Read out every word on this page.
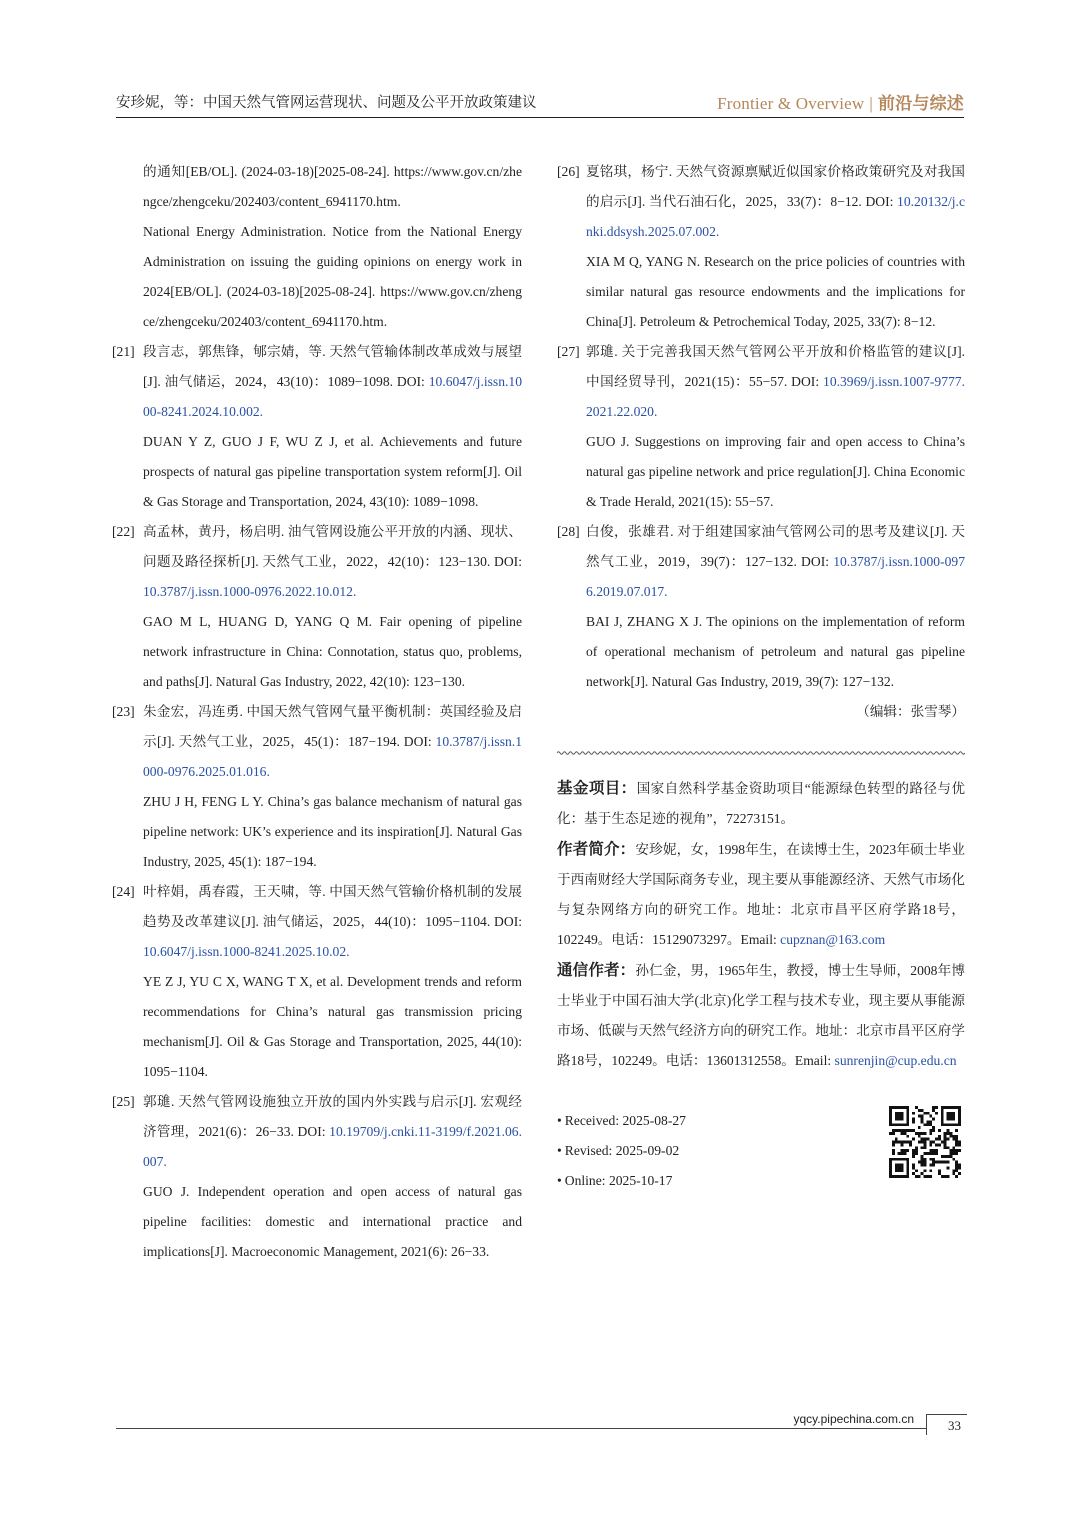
安珍妮，等：中国天然气管网运营现状、问题及公平开放政策建议	Frontier & Overview | 前沿与综述
的通知[EB/OL]. (2024-03-18)[2025-08-24]. https://www.gov.cn/zhengce/zhengceku/202403/content_6941170.htm.
National Energy Administration. Notice from the National Energy Administration on issuing the guiding opinions on energy work in 2024[EB/OL]. (2024-03-18)[2025-08-24]. https://www.gov.cn/zhengce/zhengceku/202403/content_6941170.htm.
[21] 段言志，郭焦锋，郇宗婧，等. 天然气管输体制改革成效与展望[J]. 油气储运，2024，43(10)：1089−1098. DOI: 10.6047/j.issn.1000-8241.2024.10.002.
DUAN Y Z, GUO J F, WU Z J, et al. Achievements and future prospects of natural gas pipeline transportation system reform[J]. Oil & Gas Storage and Transportation, 2024, 43(10): 1089−1098.
[22] 高孟林，黄丹，杨启明. 油气管网设施公平开放的内涵、现状、问题及路径探析[J]. 天然气工业，2022，42(10)：123−130. DOI: 10.3787/j.issn.1000-0976.2022.10.012.
GAO M L, HUANG D, YANG Q M. Fair opening of pipeline network infrastructure in China: Connotation, status quo, problems, and paths[J]. Natural Gas Industry, 2022, 42(10): 123−130.
[23] 朱金宏，冯连勇. 中国天然气管网气量平衡机制：英国经验及启示[J]. 天然气工业，2025，45(1)：187−194. DOI: 10.3787/j.issn.1000-0976.2025.01.016.
ZHU J H, FENG L Y. China’s gas balance mechanism of natural gas pipeline network: UK’s experience and its inspiration[J]. Natural Gas Industry, 2025, 45(1): 187−194.
[24] 叶梓娟，禹春霞，王天啸，等. 中国天然气管输价格机制的发展趋势及改革建议[J]. 油气储运，2025，44(10)：1095−1104. DOI: 10.6047/j.issn.1000-8241.2025.10.02.
YE Z J, YU C X, WANG T X, et al. Development trends and reform recommendations for China’s natural gas transmission pricing mechanism[J]. Oil & Gas Storage and Transportation, 2025, 44(10): 1095−1104.
[25] 郭璡. 天然气管网设施独立开放的国内外实践与启示[J]. 宏观经济管理，2021(6)：26−33. DOI: 10.19709/j.cnki.11-3199/f.2021.06.007.
GUO J. Independent operation and open access of natural gas pipeline facilities: domestic and international practice and implications[J]. Macroeconomic Management, 2021(6): 26−33.
[26] 夏铭琪，杨宁. 天然气资源禀赋近似国家价格政策研究及对我国的启示[J]. 当代石油石化，2025，33(7)：8−12. DOI: 10.20132/j.cnki.ddsysh.2025.07.002.
XIA M Q, YANG N. Research on the price policies of countries with similar natural gas resource endowments and the implications for China[J]. Petroleum & Petrochemical Today, 2025, 33(7): 8−12.
[27] 郭璡. 关于完善我国天然气管网公平开放和价格监管的建议[J]. 中国经贸导刊，2021(15)：55−57. DOI: 10.3969/j.issn.1007-9777.2021.22.020.
GUO J. Suggestions on improving fair and open access to China’s natural gas pipeline network and price regulation[J]. China Economic & Trade Herald, 2021(15): 55−57.
[28] 白俊，张雄君. 对于组建国家油气管网公司的思考及建议[J]. 天然气工业，2019，39(7)：127−132. DOI: 10.3787/j.issn.1000-0976.2019.07.017.
BAI J, ZHANG X J. The opinions on the implementation of reform of operational mechanism of petroleum and natural gas pipeline network[J]. Natural Gas Industry, 2019, 39(7): 127−132.
（编辑：张雪琴）
基金项目：国家自然科学基金资助项目“能源绿色转型的路径与优化：基于生态足迹的视角”，72273151。
作者简介：安珍妮，女，1998年生，在读博士生，2023年硕士毕业于西南财经大学国际商务专业，现主要从事能源经济、天然气市场化与复杂网络方向的研究工作。地址：北京市昌平区府学路18号，102249。电话：15129073297。Email: cupznan@163.com
通信作者：孙仁金，男，1965年生，教授，博士生导师，2008年博士毕业于中国石油大学(北京)化学工程与技术专业，现主要从事能源市场、低碳与天然气经济方向的研究工作。地址：北京市昌平区府学路18号，102249。电话：13601312558。Email: sunrenjin@cup.edu.cn
• Received: 2025-08-27
• Revised: 2025-09-02
• Online: 2025-10-17
yqcy.pipechina.com.cn	33
